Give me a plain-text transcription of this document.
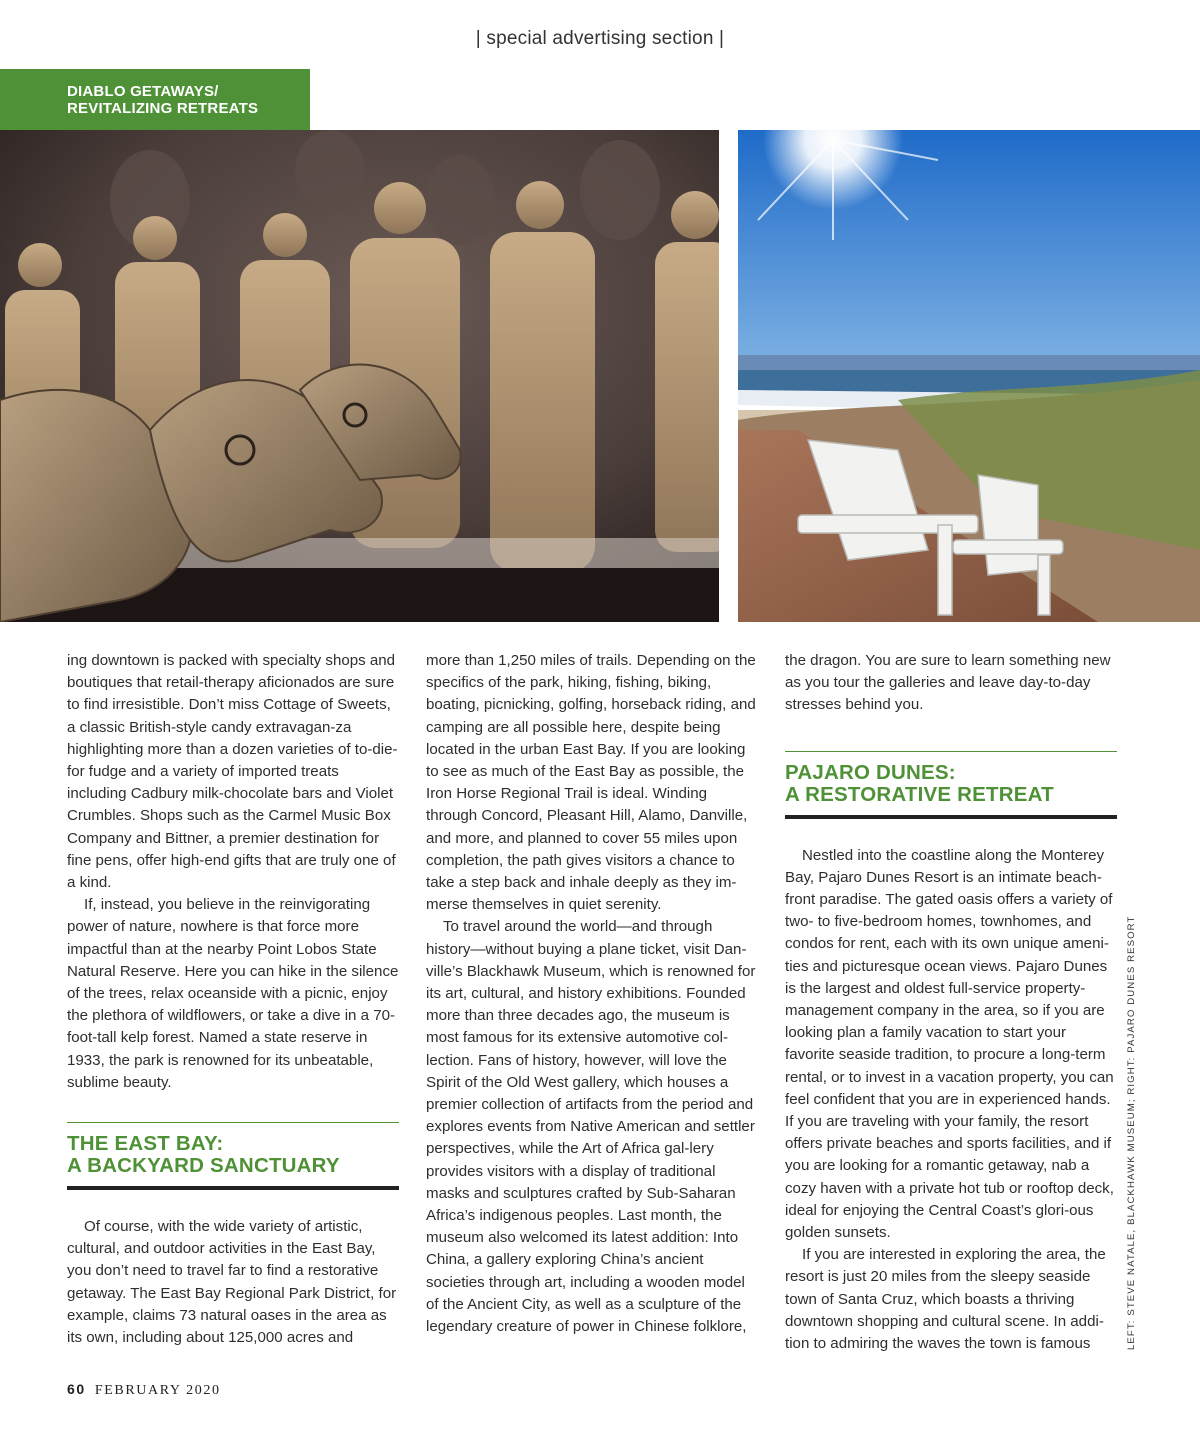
| special advertising section |
DIABLO GETAWAYS/
REVITALIZING RETREATS

ing downtown is packed with specialty shops and boutiques that retail-therapy aficionados are sure to find irresistible. Don’t miss Cottage of Sweets, a classic British-style candy extravagan-za highlighting more than a dozen varieties of to-die-for fudge and a variety of imported treats including Cadbury milk-chocolate bars and Violet Crumbles. Shops such as the Carmel Music Box Company and Bittner, a premier destination for fine pens, offer high-end gifts that are truly one of a kind.

If, instead, you believe in the reinvigorating power of nature, nowhere is that force more impactful than at the nearby Point Lobos State Natural Reserve. Here you can hike in the silence of the trees, relax oceanside with a picnic, enjoy the plethora of wildflowers, or take a dive in a 70-foot-tall kelp forest. Named a state reserve in 1933, the park is renowned for its unbeatable, sublime beauty.

THE EAST BAY:
A BACKYARD SANCTUARY

Of course, with the wide variety of artistic, cultural, and outdoor activities in the East Bay, you don’t need to travel far to find a restorative getaway. The East Bay Regional Park District, for example, claims 73 natural oases in the area as its own, including about 125,000 acres and

more than 1,250 miles of trails. Depending on the specifics of the park, hiking, fishing, biking, boating, picnicking, golfing, horseback riding, and camping are all possible here, despite being located in the urban East Bay. If you are looking to see as much of the East Bay as possible, the Iron Horse Regional Trail is ideal. Winding through Concord, Pleasant Hill, Alamo, Danville, and more, and planned to cover 55 miles upon completion, the path gives visitors a chance to take a step back and inhale deeply as they im-merse themselves in quiet serenity.

To travel around the world—and through history—without buying a plane ticket, visit Dan-ville’s Blackhawk Museum, which is renowned for its art, cultural, and history exhibitions. Founded more than three decades ago, the museum is most famous for its extensive automotive col-lection. Fans of history, however, will love the Spirit of the Old West gallery, which houses a premier collection of artifacts from the period and explores events from Native American and settler perspectives, while the Art of Africa gal-lery provides visitors with a display of traditional masks and sculptures crafted by Sub-Saharan Africa’s indigenous peoples. Last month, the museum also welcomed its latest addition: Into China, a gallery exploring China’s ancient societies through art, including a wooden model of the Ancient City, as well as a sculpture of the legendary creature of power in Chinese folklore,

the dragon. You are sure to learn something new as you tour the galleries and leave day-to-day stresses behind you.

PAJARO DUNES:
A RESTORATIVE RETREAT

Nestled into the coastline along the Monterey Bay, Pajaro Dunes Resort is an intimate beach-front paradise. The gated oasis offers a variety of two- to five-bedroom homes, townhomes, and condos for rent, each with its own unique ameni-ties and picturesque ocean views. Pajaro Dunes is the largest and oldest full-service property-management company in the area, so if you are looking plan a family vacation to start your favorite seaside tradition, to procure a long-term rental, or to invest in a vacation property, you can feel confident that you are in experienced hands. If you are traveling with your family, the resort offers private beaches and sports facilities, and if you are looking for a romantic getaway, nab a cozy haven with a private hot tub or rooftop deck, ideal for enjoying the Central Coast’s glori-ous golden sunsets.

If you are interested in exploring the area, the resort is just 20 miles from the sleepy seaside town of Santa Cruz, which boasts a thriving downtown shopping and cultural scene. In addi-tion to admiring the waves the town is famous	LEFT: STEVE NATALE, BLACKHAWK MUSEUM; RIGHT: PAJARO DUNES RESORT
60 FEBRUARY 2020
